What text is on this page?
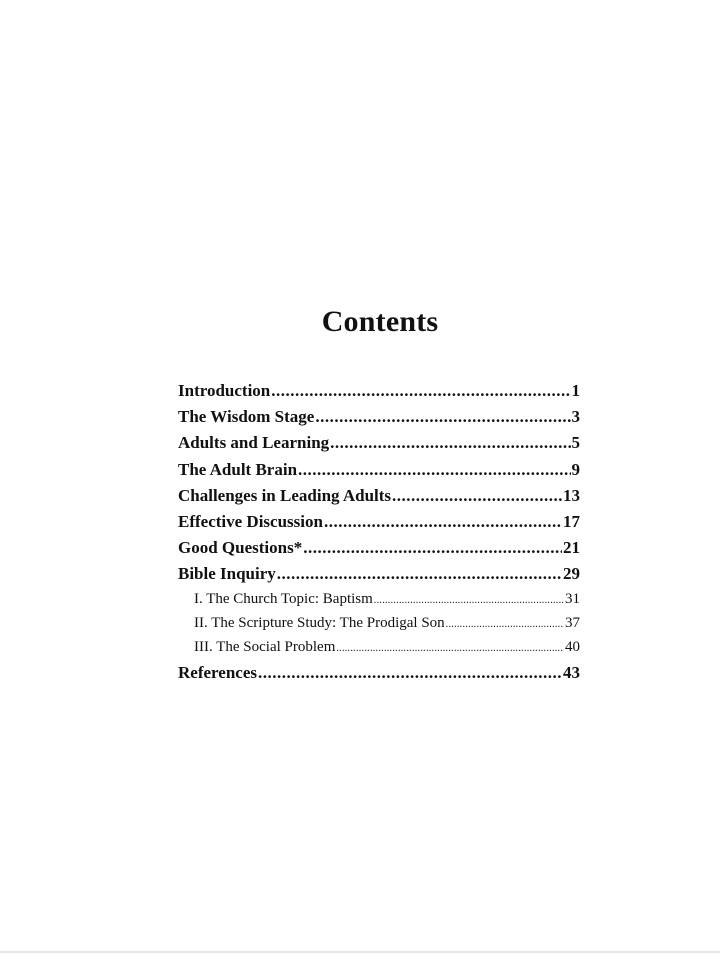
Contents
Introduction .....	1
The Wisdom Stage .....	3
Adults and Learning .....	5
The Adult Brain .....	9
Challenges in Leading Adults .....	13
Effective Discussion .....	17
Good Questions* .....	21
Bible Inquiry .....	29
I. The Church Topic: Baptism .....	31
II. The Scripture Study: The Prodigal Son .....	37
III. The Social Problem .....	40
References .....	43
